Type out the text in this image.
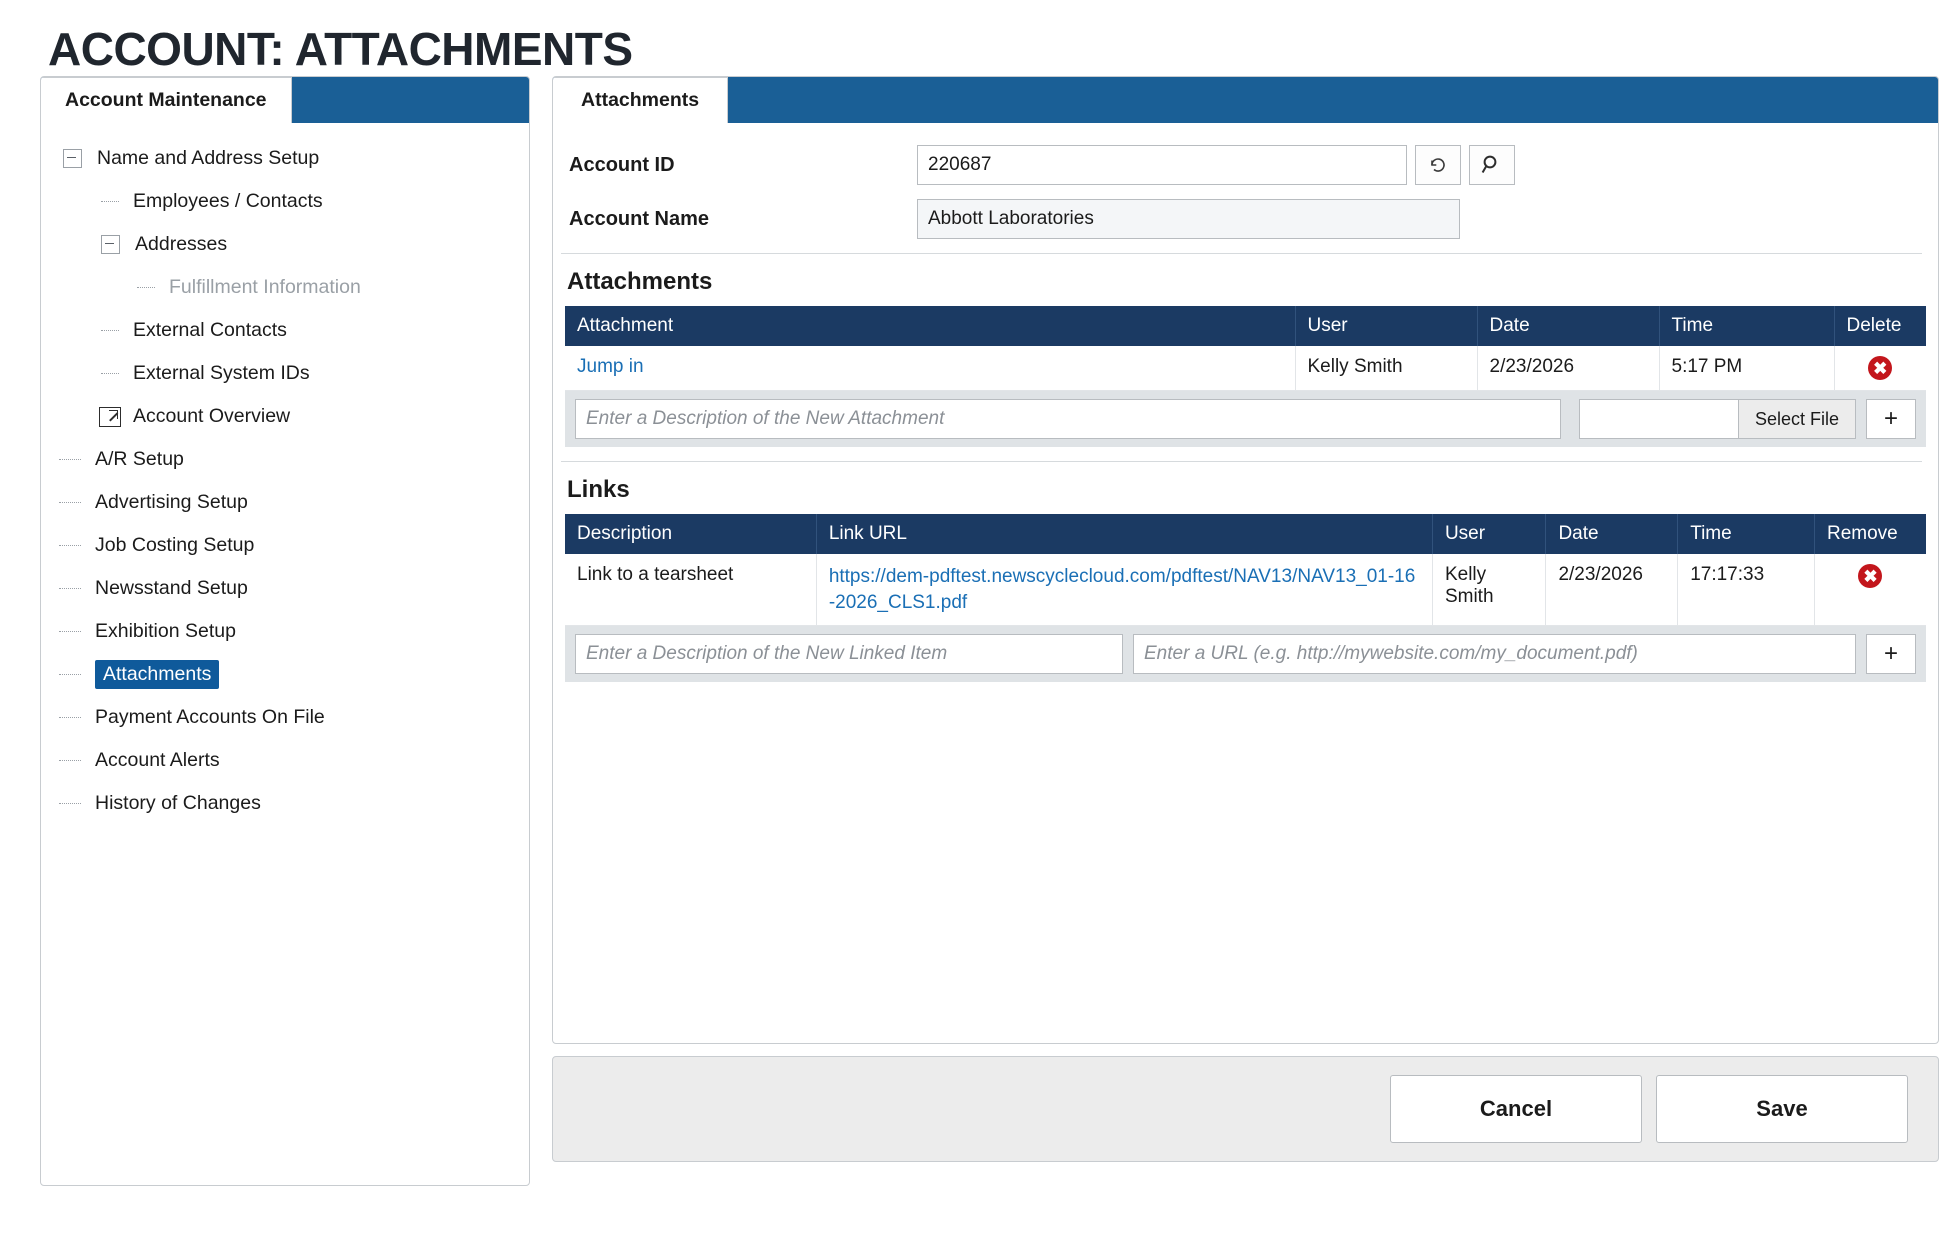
ACCOUNT: ATTACHMENTS
Account Maintenance
Name and Address Setup
Employees / Contacts
Addresses
Fulfillment Information
External Contacts
External System IDs
Account Overview
A/R Setup
Advertising Setup
Job Costing Setup
Newsstand Setup
Exhibition Setup
Attachments
Payment Accounts On File
Account Alerts
History of Changes
Attachments
Account ID
220687
Account Name
Abbott Laboratories
Attachments
Attachment	User	Date	Time	Delete
Jump in	Kelly Smith	2/23/2026	5:17 PM	✖
Enter a Description of the New Attachment
Select File	+
Links
Description	Link URL	User	Date	Time	Remove
Link to a tearsheet	https://dem-pdftest.newscyclecloud.com/pdftest/NAV13/NAV13_01-16-2026_CLS1.pdf	Kelly Smith	2/23/2026	17:17:33	✖
Enter a Description of the New Linked Item
Enter a URL (e.g. http://mywebsite.com/my_document.pdf)
+
Cancel	Save
